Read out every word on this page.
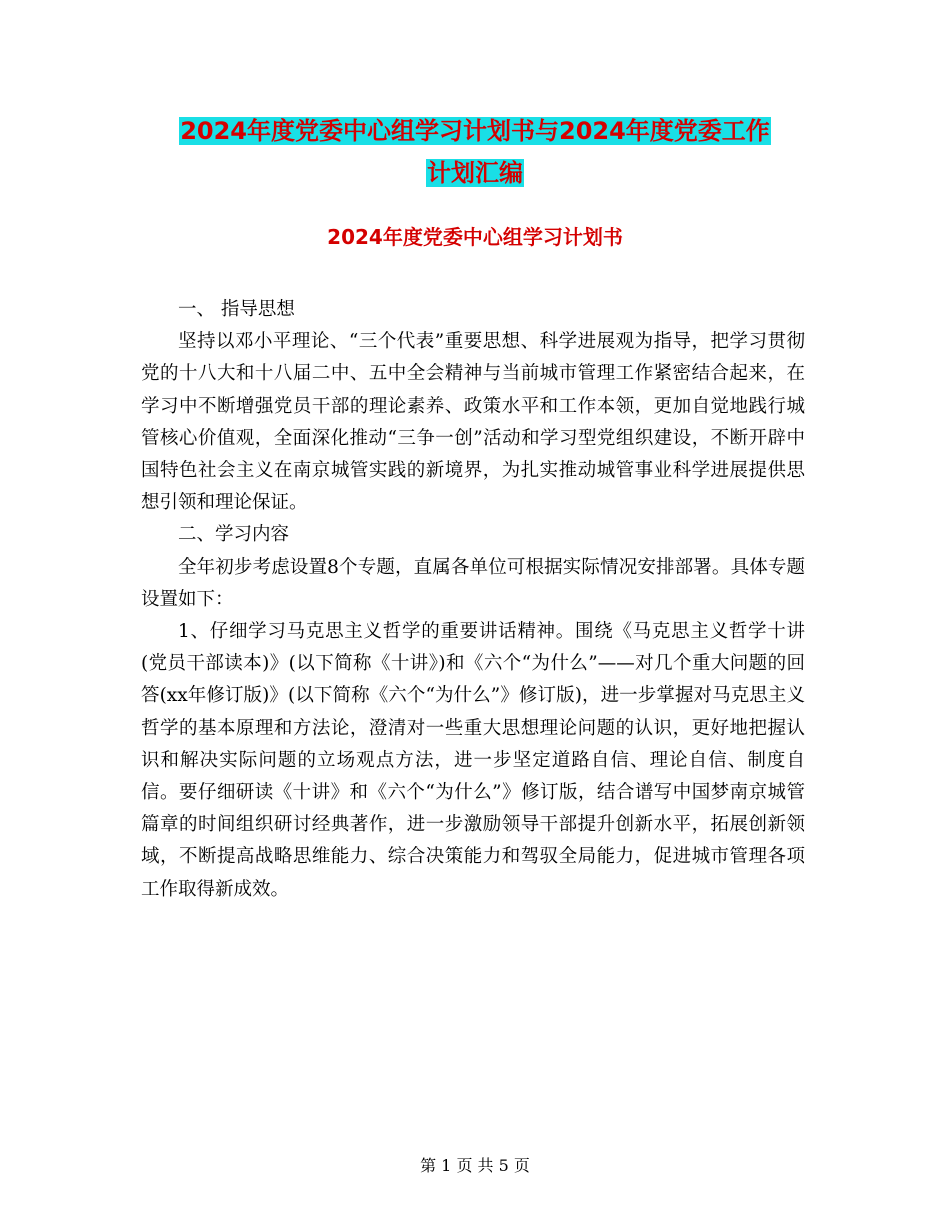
2024年度党委中心组学习计划书与2024年度党委工作
计划汇编
2024年度党委中心组学习计划书

一、 指导思想

坚持以邓小平理论、“三个代表”重要思想、科学进展观为指导，把学习贯彻党的十八大和十八届二中、五中全会精神与当前城市管理工作紧密结合起来，在学习中不断增强党员干部的理论素养、政策水平和工作本领，更加自觉地践行城管核心价值观，全面深化推动“三争一创”活动和学习型党组织建设，不断开辟中国特色社会主义在南京城管实践的新境界，为扎实推动城管事业科学进展提供思想引领和理论保证。

二、学习内容

全年初步考虑设置8个专题，直属各单位可根据实际情况安排部署。具体专题设置如下：

1、仔细学习马克思主义哲学的重要讲话精神。围绕《马克思主义哲学十讲(党员干部读本)》(以下简称《十讲》)和《六个“为什么”——对几个重大问题的回答(xx年修订版)》(以下简称《六个“为什么”》修订版)，进一步掌握对马克思主义哲学的基本原理和方法论，澄清对一些重大思想理论问题的认识，更好地把握认识和解决实际问题的立场观点方法，进一步坚定道路自信、理论自信、制度自信。要仔细研读《十讲》和《六个“为什么”》修订版，结合谱写中国梦南京城管篇章的时间组织研讨经典著作，进一步激励领导干部提升创新水平，拓展创新领域，不断提高战略思维能力、综合决策能力和驾驭全局能力，促进城市管理各项工作取得新成效。

第 1 页 共 5 页
